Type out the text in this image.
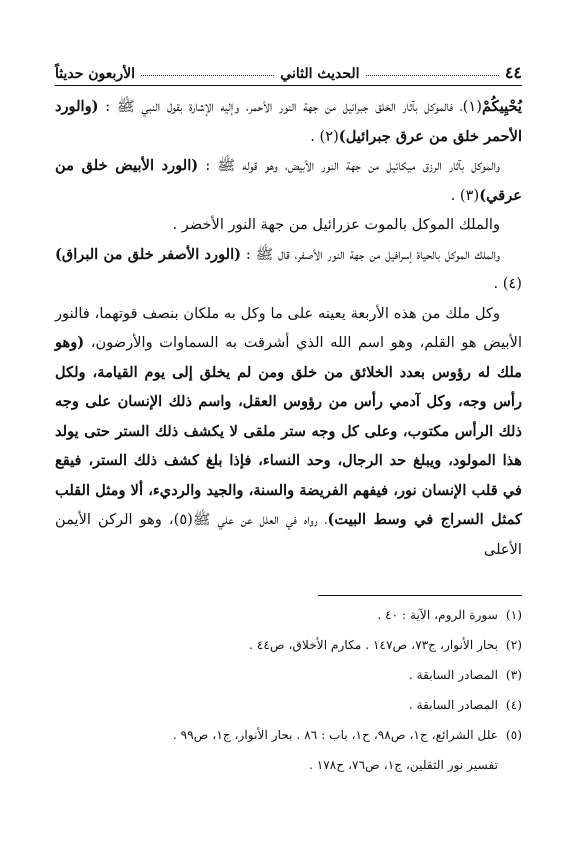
٤٤
الحديث الثاني
الأربعون حديثاً

يُحْيِيكُمْ(١)، فالموكل بآثار الخلق جبرائيل من جهة النور الأحمر، وإليه الإشارة بقول النبي ﷺ : (والورد الأحمر خلق من عرق جبرائيل)(٢) .

والموكل بآثار الرزق ميكائيل من جهة النور الأبيض، وهو قوله ﷺ : (الورد الأبيض خلق من عرقي)(٣) .

والملك الموكل بالموت عزرائيل من جهة النور الأخضر .

والملك الموكل بالحياة إسرافيل من جهة النور الأصفر، قال ﷺ : (الورد الأصفر خلق من البراق)(٤) .

وكل ملك من هذه الأربعة يعينه على ما وكل به ملكان بنصف قوتهما، فالنور الأبيض هو القلم، وهو اسم الله الذي أشرقت به السماوات والأرضون، (وهو ملك له رؤوس بعدد الخلائق من خلق ومن لم يخلق إلى يوم القيامة، ولكل رأس وجه، وكل آدمي رأس من رؤوس العقل، واسم ذلك الإنسان على وجه ذلك الرأس مكتوب، وعلى كل وجه ستر ملقى لا يكشف ذلك الستر حتى يولد هذا المولود، ويبلغ حد الرجال، وحد النساء، فإذا بلغ كشف ذلك الستر، فيقع في قلب الإنسان نور، فيفهم الفريضة والسنة، والجيد والرديء، ألا ومثل القلب كمثل السراج في وسط البيت)، رواه في العلل عن علي ﷺ(٥)، وهو الركن الأيمن الأعلى

(١)سورة الروم، الآية : ٤٠ .
(٢)بحار الأنوار، ج٧٣، ص١٤٧ . مكارم الأخلاق، ص٤٤ .
(٣)المصادر السابقة .
(٤)المصادر السابقة .
(٥)علل الشرائع، ج١، ص٩٨، ح١، باب : ٨٦ . بحار الأنوار، ج١، ص٩٩ .
تفسير نور الثقلين، ج١، ص٧٦، ح١٧٨ .
